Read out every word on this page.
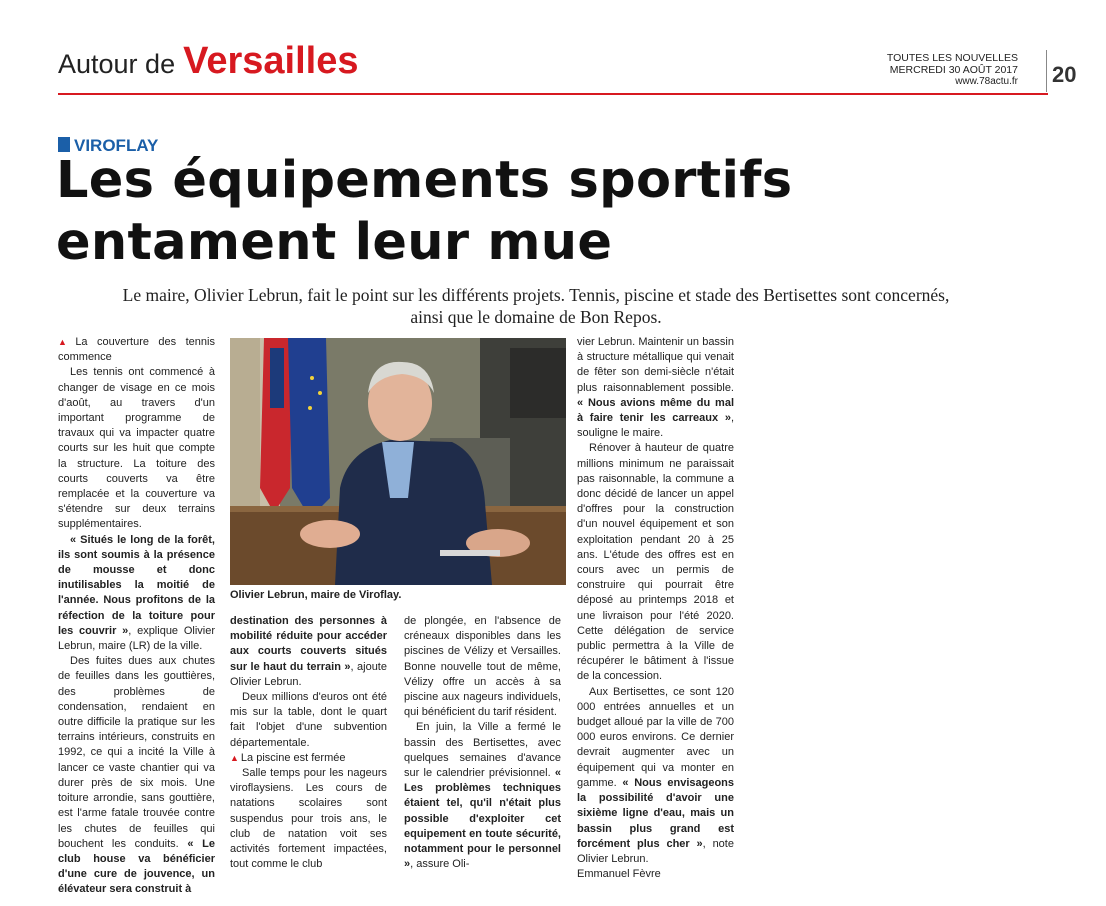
Autour de Versailles	TOUTES LES NOUVELLES
MERCREDI 30 AOÛT 2017
www.78actu.fr 20
VIROFLAY
Les équipements sportifs
entament leur mue
Le maire, Olivier Lebrun, fait le point sur les différents projets. Tennis, piscine et stade des Bertisettes sont concernés,
ainsi que le domaine de Bon Repos.

▲ La couverture des tennis commence

Les tennis ont commencé à changer de visage en ce mois d'août, au travers d'un important programme de travaux qui va impacter quatre courts sur les huit que compte la structure. La toiture des courts couverts va être remplacée et la couverture va s'étendre sur deux terrains supplémentaires.

« Situés le long de la forêt, ils sont soumis à la présence de mousse et donc inutilisables la moitié de l'année. Nous profitons de la réfection de la toiture pour les couvrir », explique Olivier Lebrun, maire (LR) de la ville.

Des fuites dues aux chutes de feuilles dans les gouttières, des problèmes de condensation, rendaient en outre difficile la pratique sur les terrains intérieurs, construits en 1992, ce qui a incité la Ville à lancer ce vaste chantier qui va durer près de six mois. Une toiture arrondie, sans gouttière, est l'arme fatale trouvée contre les chutes de feuilles qui bouchent les conduits. « Le club house va bénéficier d'une cure de jouvence, un élévateur sera construit à

Olivier Lebrun, maire de Viroflay.

destination des personnes à mobilité réduite pour accéder aux courts couverts situés sur le haut du terrain », ajoute Olivier Lebrun.

Deux millions d'euros ont été mis sur la table, dont le quart fait l'objet d'une subvention départementale.

▲ La piscine est fermée

Salle temps pour les nageurs viroflaysiens. Les cours de natations scolaires sont suspendus pour trois ans, le club de natation voit ses activités fortement impactées, tout comme le club

de plongée, en l'absence de créneaux disponibles dans les piscines de Vélizy et Versailles. Bonne nouvelle tout de même, Vélizy offre un accès à sa piscine aux nageurs individuels, qui bénéficient du tarif résident.

En juin, la Ville a fermé le bassin des Bertisettes, avec quelques semaines d'avance sur le calendrier prévisionnel. « Les problèmes techniques étaient tel, qu'il n'était plus possible d'exploiter cet equipement en toute sécurité, notamment pour le personnel », assure Oli-

vier Lebrun. Maintenir un bassin à structure métallique qui venait de fêter son demi-siècle n'était plus raisonnablement possible. « Nous avions même du mal à faire tenir les carreaux », souligne le maire.

Rénover à hauteur de quatre millions minimum ne paraissait pas raisonnable, la commune a donc décidé de lancer un appel d'offres pour la construction d'un nouvel équipement et son exploitation pendant 20 à 25 ans. L'étude des offres est en cours avec un permis de construire qui pourrait être déposé au printemps 2018 et une livraison pour l'été 2020. Cette délégation de service public permettra à la Ville de récupérer le bâtiment à l'issue de la concession.

Aux Bertisettes, ce sont 120 000 entrées annuelles et un budget alloué par la ville de 700 000 euros environs. Ce dernier devrait augmenter avec un équipement qui va monter en gamme. « Nous envisageons la possibilité d'avoir une sixième ligne d'eau, mais un bassin plus grand est forcément plus cher », note Olivier Lebrun.

Emmanuel Fèvre
